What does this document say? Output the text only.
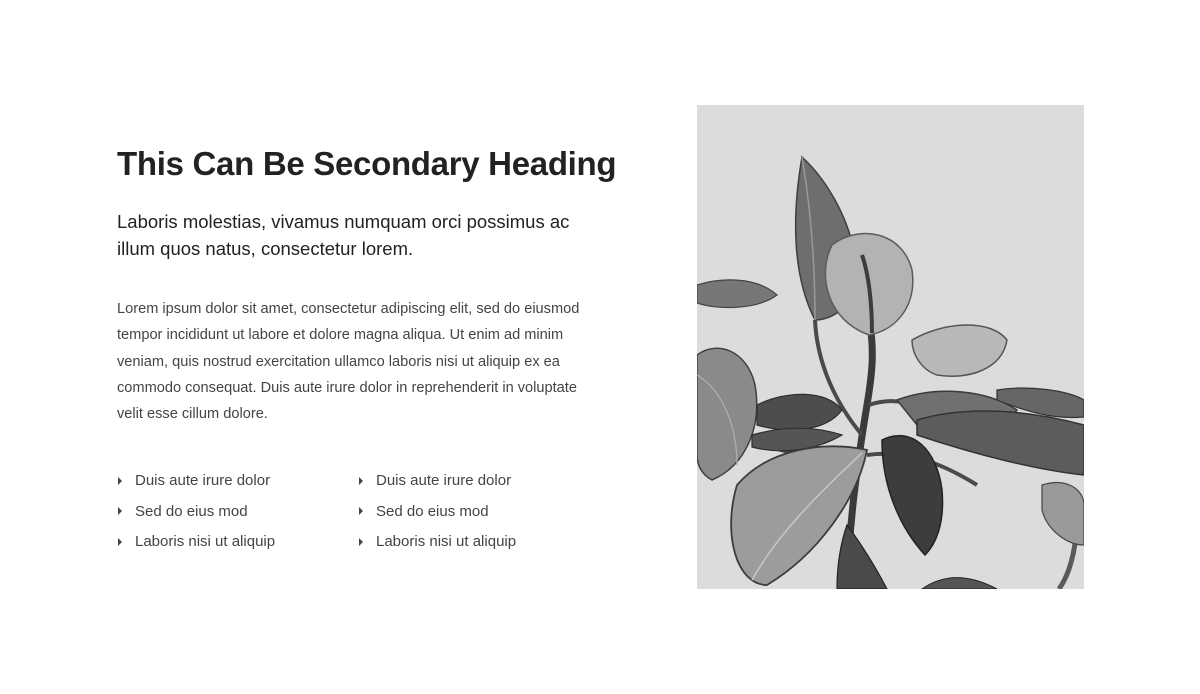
This Can Be Secondary Heading

Laboris molestias, vivamus numquam orci possimus ac illum quos natus, consectetur lorem.

Lorem ipsum dolor sit amet, consectetur adipiscing elit, sed do eiusmod tempor incididunt ut labore et dolore magna aliqua. Ut enim ad minim veniam, quis nostrud exercitation ullamco laboris nisi ut aliquip ex ea commodo consequat. Duis aute irure dolor in reprehenderit in voluptate velit esse cillum dolore.

Duis aute irure dolor
Sed do eius mod
Laboris nisi ut aliquip
Duis aute irure dolor
Sed do eius mod
Laboris nisi ut aliquip
